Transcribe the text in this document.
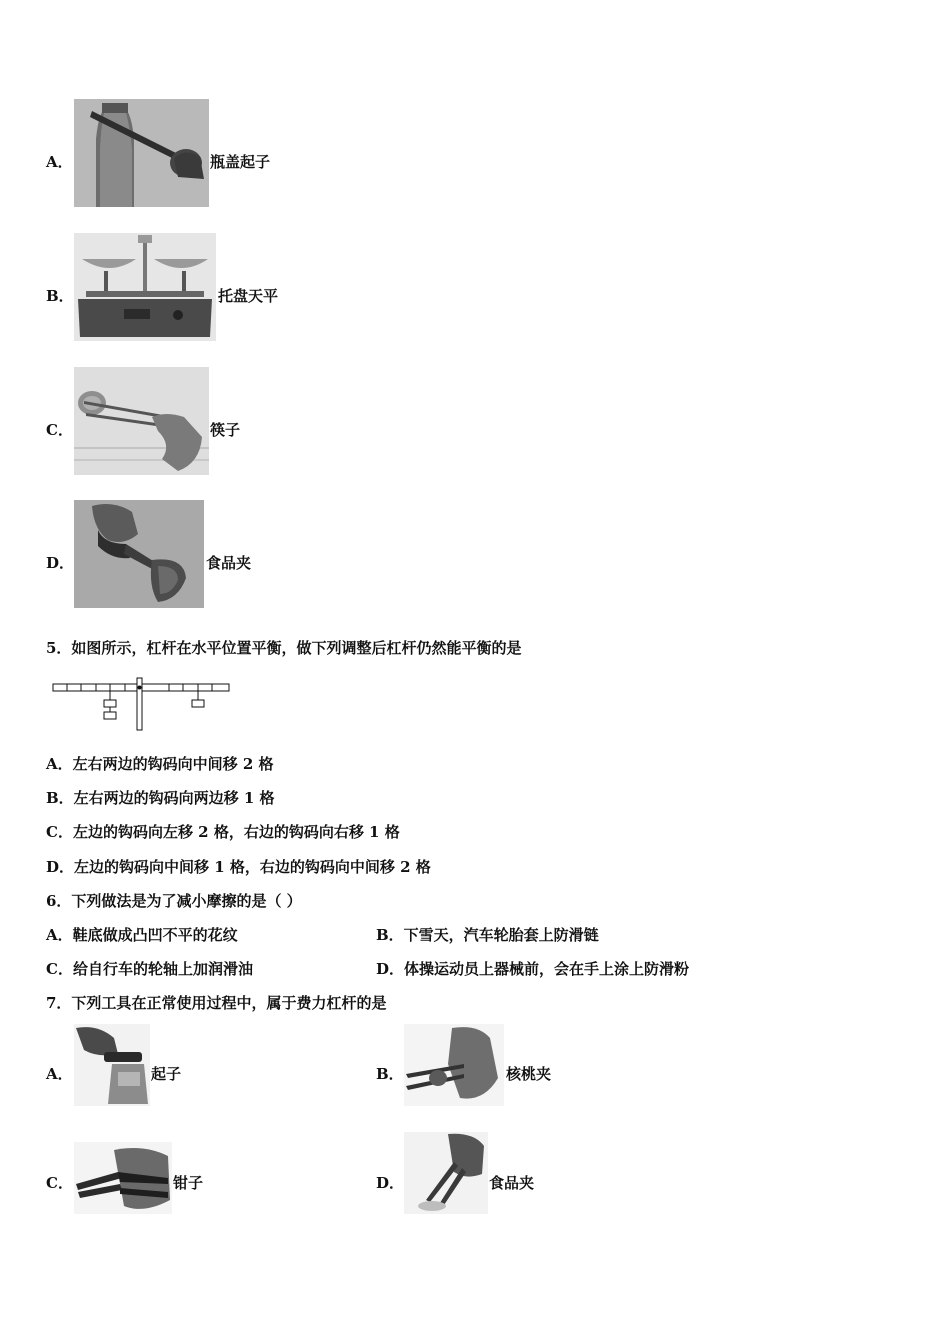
A．	瓶盖起子
B．	托盘天平
C．	筷子
D．	食品夹
5．如图所示，杠杆在水平位置平衡，做下列调整后杠杆仍然能平衡的是
A．左右两边的钩码向中间移 2 格
B．左右两边的钩码向两边移 1 格
C．左边的钩码向左移 2 格，右边的钩码向右移 1 格
D．左边的钩码向中间移 1 格，右边的钩码向中间移 2 格
6．下列做法是为了减小摩擦的是（ ）
A．鞋底做成凸凹不平的花纹	B．下雪天，汽车轮胎套上防滑链
C．给自行车的轮轴上加润滑油	D．体操运动员上器械前，会在手上涂上防滑粉
7．下列工具在正常使用过程中，属于费力杠杆的是
A．	起子	B．	核桃夹
C．	钳子	D．	食品夹
